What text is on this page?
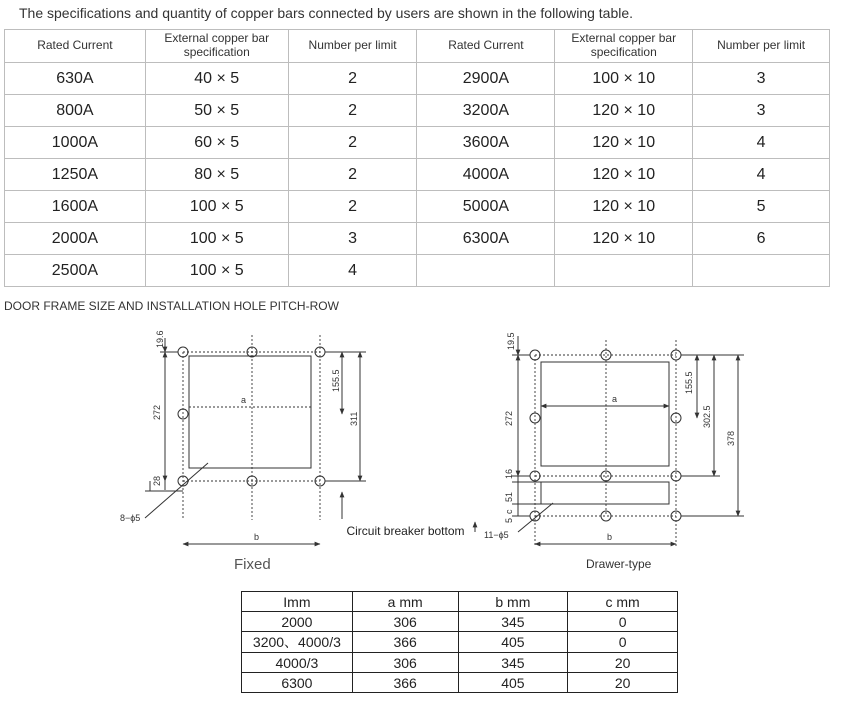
The specifications and quantity of copper bars connected by users are shown in the following table.
Rated Current	External copper bar specification	Number per limit	Rated Current	External copper bar specification	Number per limit
630A	40 × 5	2	2900A	100 × 10	3
800A	50 × 5	2	3200A	120 × 10	3
1000A	60 × 5	2	3600A	120 × 10	4
1250A	80 × 5	2	4000A	120 × 10	4
1600A	100 × 5	2	5000A	120 × 10	5
2000A	100 × 5	3	6300A	120 × 10	6
2500A	100 × 5	4			
DOOR FRAME SIZE AND INSTALLATION HOLE PITCH-ROW
19.6
272
28
155.5
311
a
b
8−ϕ5
19.5
272
16
51
c
5
155.5
302.5
378
a
b
11−ϕ5
Circuit breaker bottom
Fixed	Drawer-type
Imm	a mm	b mm	c mm
2000	306	345	0
3200、4000/3	366	405	0
4000/3	306	345	20
6300	366	405	20
